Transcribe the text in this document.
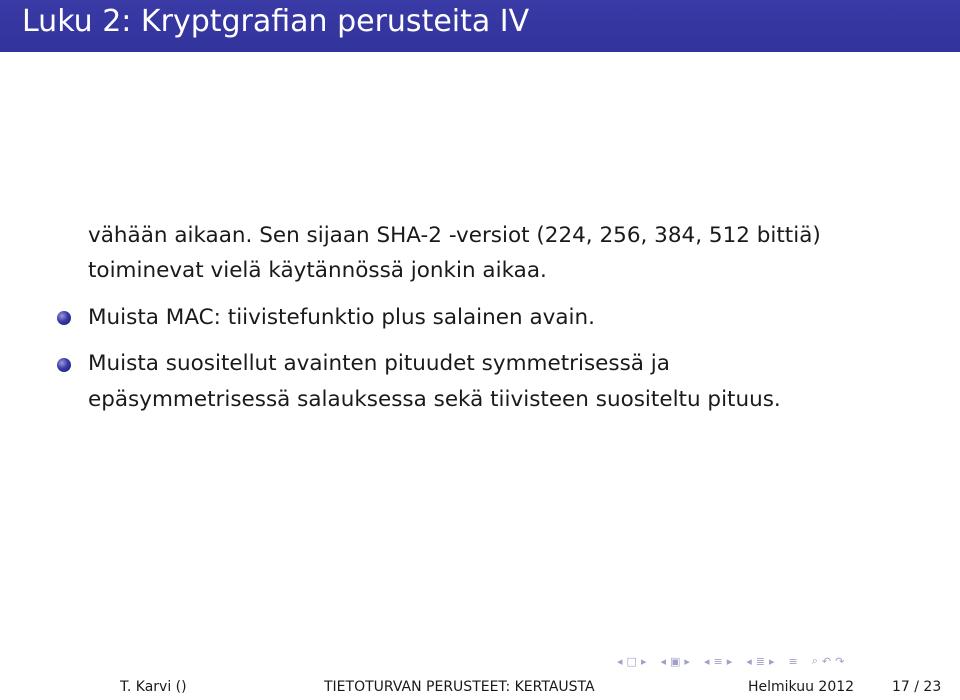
Luku 2: Kryptgrafian perusteita IV
vähään aikaan. Sen sijaan SHA-2 -versiot (224, 256, 384, 512 bittiä)
toiminevat vielä käytännössä jonkin aikaa.
Muista MAC: tiivistefunktio plus salainen avain.
Muista suositellut avainten pituudet symmetrisessä ja
epäsymmetrisessä salauksessa sekä tiivisteen suositeltu pituus.
◂ □ ▸ ◂ ▣ ▸ ◂ ≡ ▸ ◂ ≣ ▸ ≡ ⌕ ↶ ↷
T. Karvi ()	TIETOTURVAN PERUSTEET: KERTAUSTA	Helmikuu 2012	17 / 23
